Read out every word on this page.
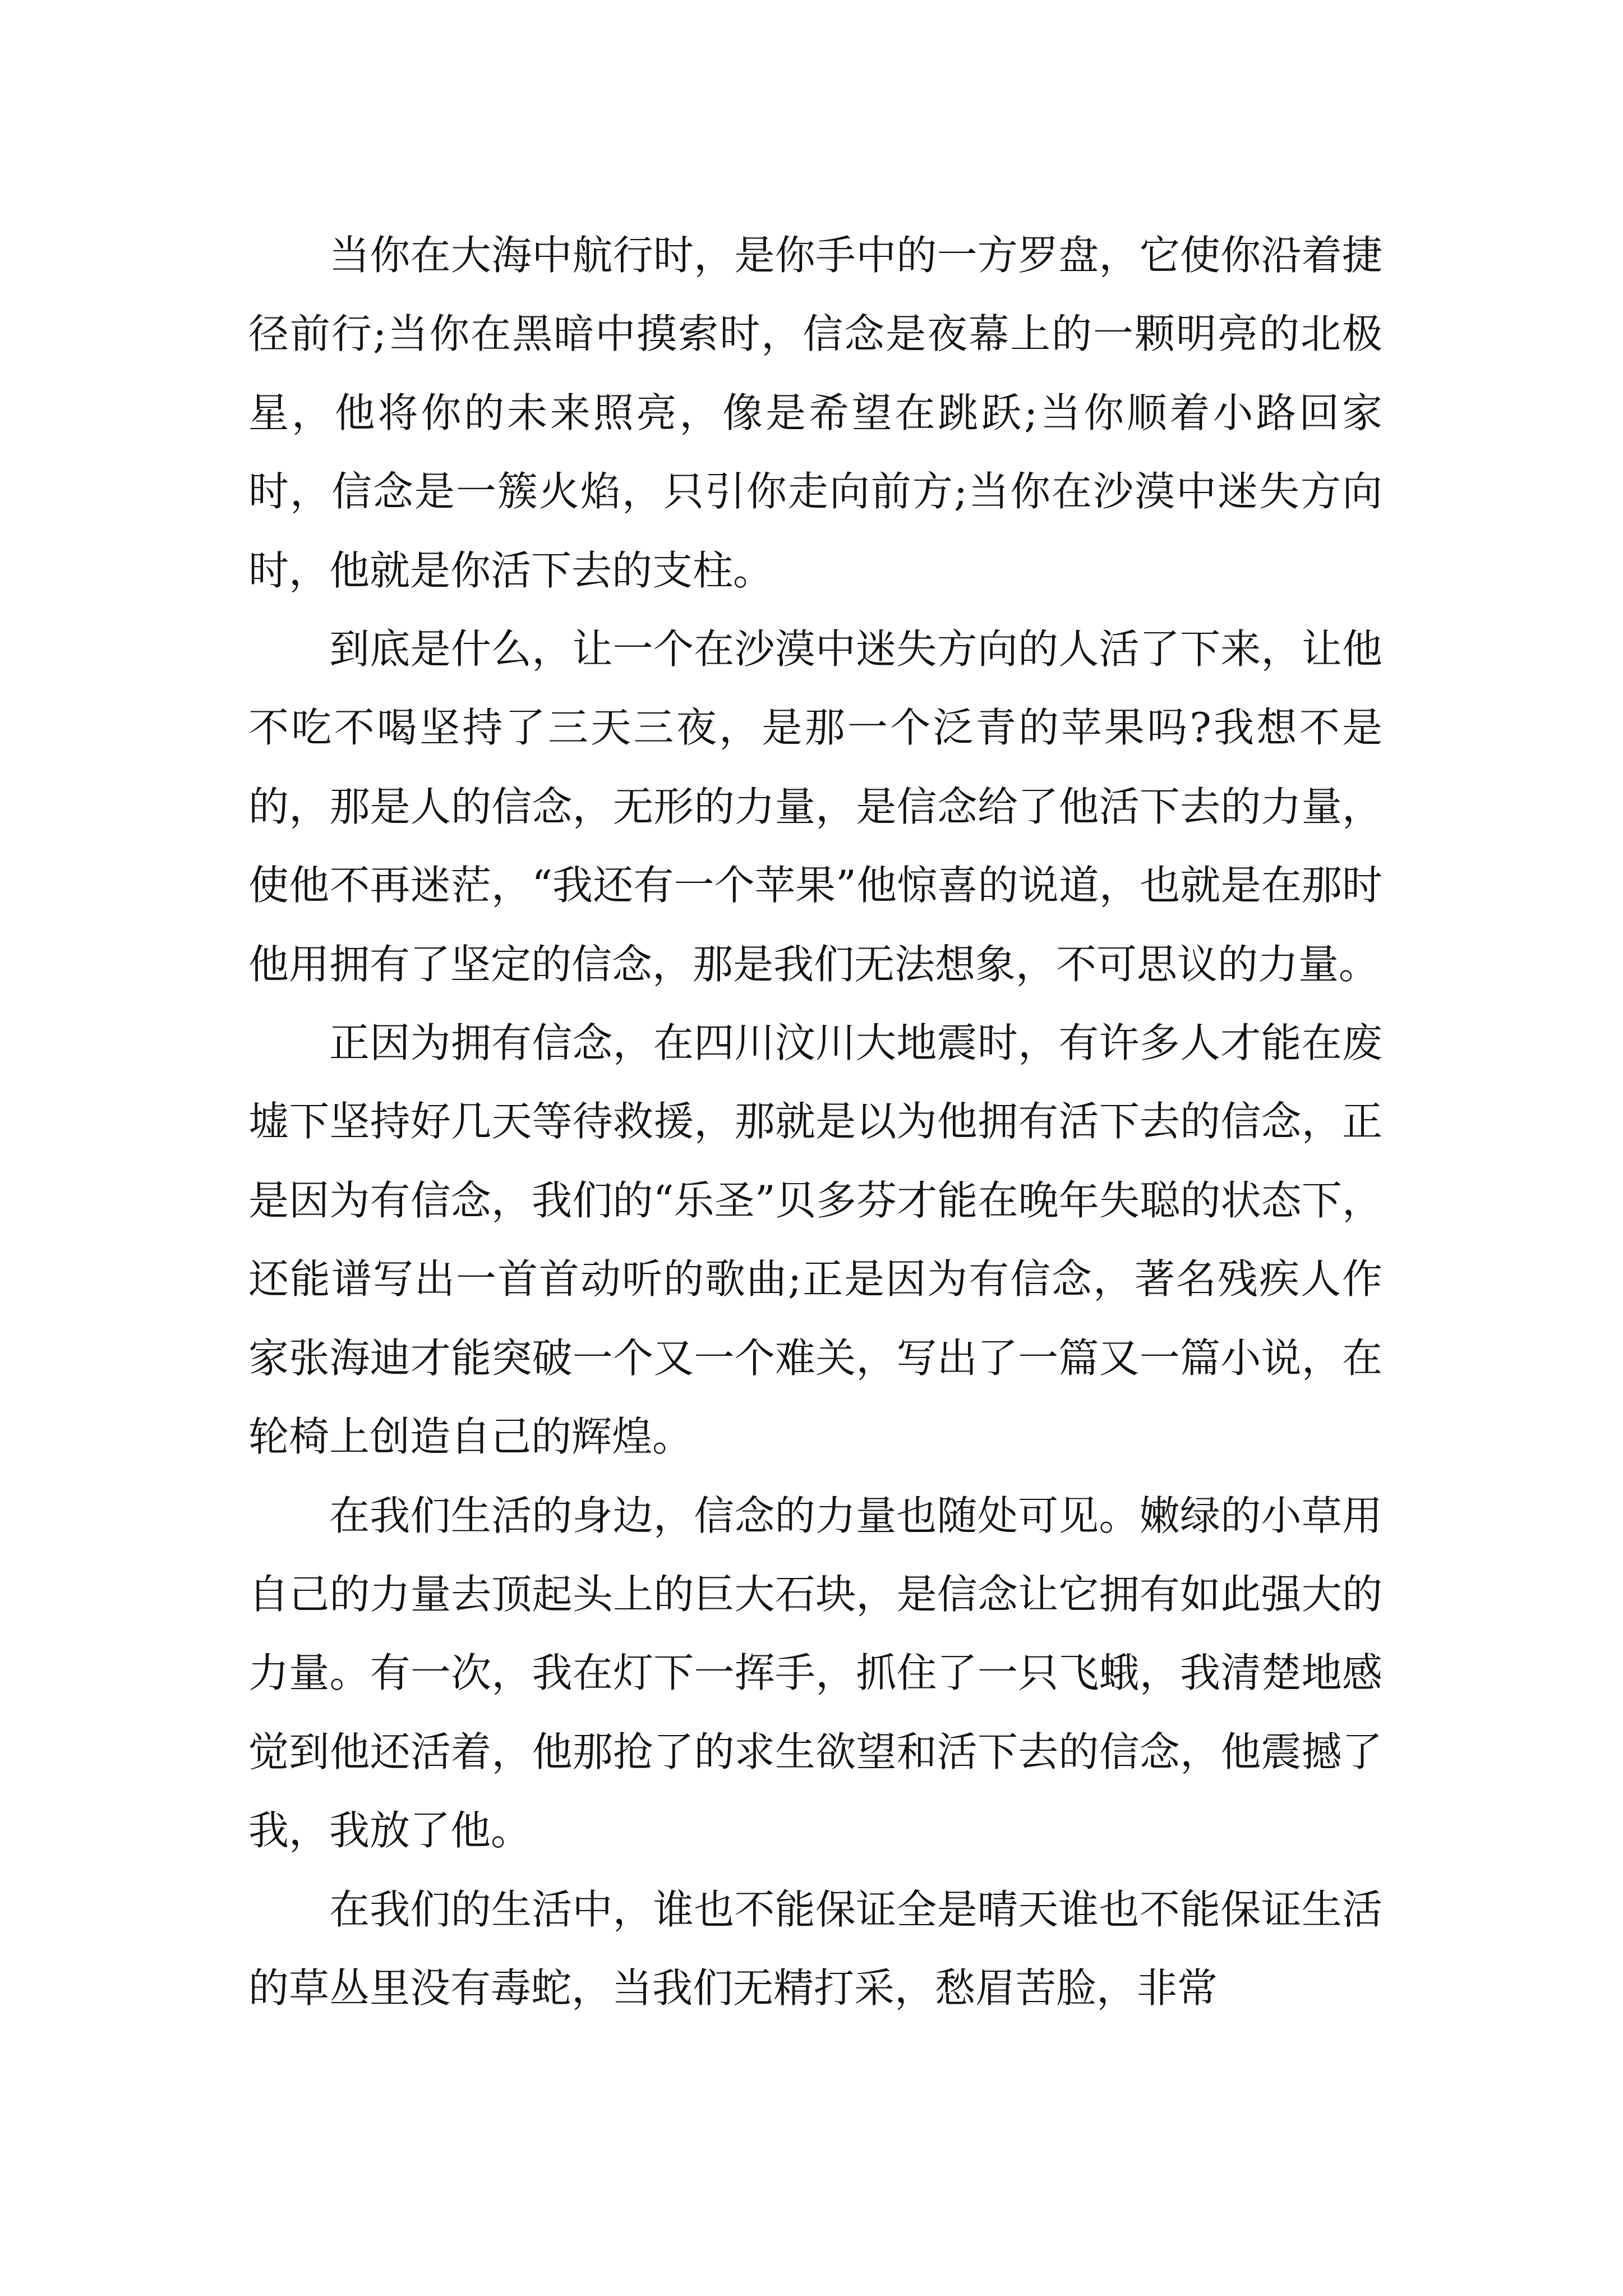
当你在大海中航行时，是你手中的一方罗盘，它使你沿着捷径前行;当你在黑暗中摸索时，信念是夜幕上的一颗明亮的北极星，他将你的未来照亮，像是希望在跳跃;当你顺着小路回家时，信念是一簇火焰，只引你走向前方;当你在沙漠中迷失方向时，他就是你活下去的支柱。

到底是什么，让一个在沙漠中迷失方向的人活了下来，让他不吃不喝坚持了三天三夜，是那一个泛青的苹果吗?我想不是的，那是人的信念，无形的力量，是信念给了他活下去的力量，使他不再迷茫，“我还有一个苹果”他惊喜的说道，也就是在那时他用拥有了坚定的信念，那是我们无法想象，不可思议的力量。

正因为拥有信念，在四川汶川大地震时，有许多人才能在废墟下坚持好几天等待救援，那就是以为他拥有活下去的信念，正是因为有信念，我们的“乐圣”贝多芬才能在晚年失聪的状态下，还能谱写出一首首动听的歌曲;正是因为有信念，著名残疾人作家张海迪才能突破一个又一个难关，写出了一篇又一篇小说，在轮椅上创造自己的辉煌。

在我们生活的身边，信念的力量也随处可见。嫩绿的小草用自己的力量去顶起头上的巨大石块，是信念让它拥有如此强大的力量。有一次，我在灯下一挥手，抓住了一只飞蛾，我清楚地感觉到他还活着，他那抢了的求生欲望和活下去的信念，他震撼了我，我放了他。

在我们的生活中，谁也不能保证全是晴天谁也不能保证生活的草丛里没有毒蛇，当我们无精打采，愁眉苦脸，非常
